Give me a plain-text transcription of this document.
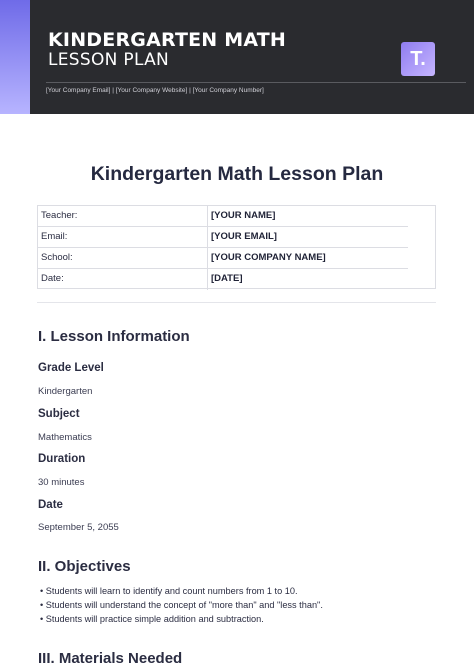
KINDERGARTEN MATH
LESSON PLAN
[Your Company Email] | [Your Company Website] | [Your Company Number]
T.
Kindergarten Math Lesson Plan
Teacher:	[YOUR NAME]
Email:	[YOUR EMAIL]
School:	[YOUR COMPANY NAME]
Date:	[DATE]
I. Lesson Information
Grade Level
Kindergarten
Subject
Mathematics
Duration
30 minutes
Date
September 5, 2055
II. Objectives
• Students will learn to identify and count numbers from 1 to 10.
• Students will understand the concept of "more than" and "less than".
• Students will practice simple addition and subtraction.
III. Materials Needed
